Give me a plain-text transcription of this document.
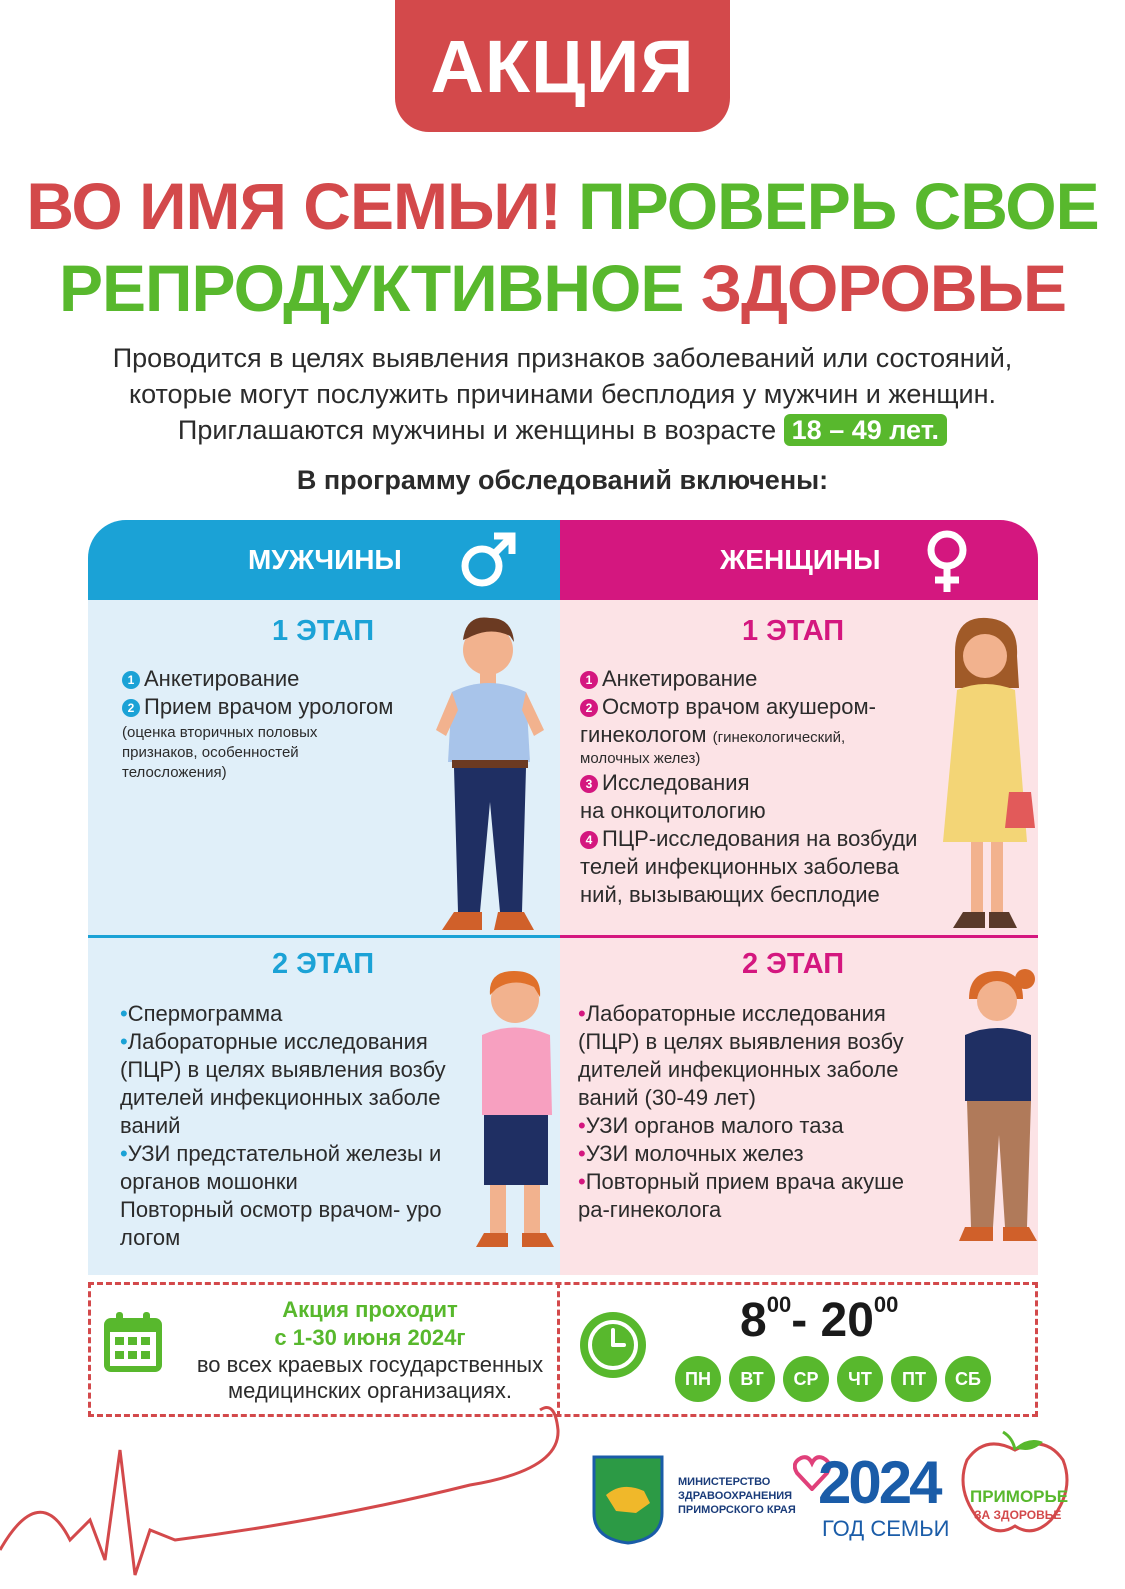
АКЦИЯ
ВО ИМЯ СЕМЬИ! ПРОВЕРЬ СВОЕ
РЕПРОДУКТИВНОЕ ЗДОРОВЬЕ
Проводится в целях выявления признаков заболеваний или состояний,
которые могут послужить причинами бесплодия у мужчин и женщин.
Приглашаются мужчины и женщины в возрасте 18 – 49 лет.
В программу обследований включены:
МУЖЧИНЫ	ЖЕНЩИНЫ
1 ЭТАП
1 Анкетирование
2 Прием врачом урологом
(оценка вторичных половых
признаков, особенностей
телосложения)
2 ЭТАП
•Спермограмма
•Лабораторные исследования
(ПЦР) в целях выявления возбу
дителей инфекционных заболе
ваний
•УЗИ предстательной железы и
органов мошонки
Повторный осмотр врачом- уро
логом
1 ЭТАП
1 Анкетирование
2 Осмотр врачом акушером-
гинекологом (гинекологический,
молочных желез)
3 Исследования
на онкоцитологию
4 ПЦР-исследования на возбуди
телей инфекционных заболева
ний, вызывающих бесплодие
2 ЭТАП
•Лабораторные исследования
(ПЦР) в целях выявления возбу
дителей инфекционных заболе
ваний (30-49 лет)
•УЗИ органов малого таза
•УЗИ молочных желез
•Повторный прием врача акуше
ра-гинеколога
Акция проходит
с 1-30 июня 2024г
во всех краевых государственных
медицинских организациях.
$8^{00}-$ $20^{00}$
ПН	ВТ	СР	ЧТ	ПТ	СБ
МИНИСТЕРСТВО
ЗДРАВООХРАНЕНИЯ
ПРИМОРСКОГО КРАЯ 2024
ГОД СЕМЬИ
ПРИМОРЬЕ
ЗА ЗДОРОВЬЕ
